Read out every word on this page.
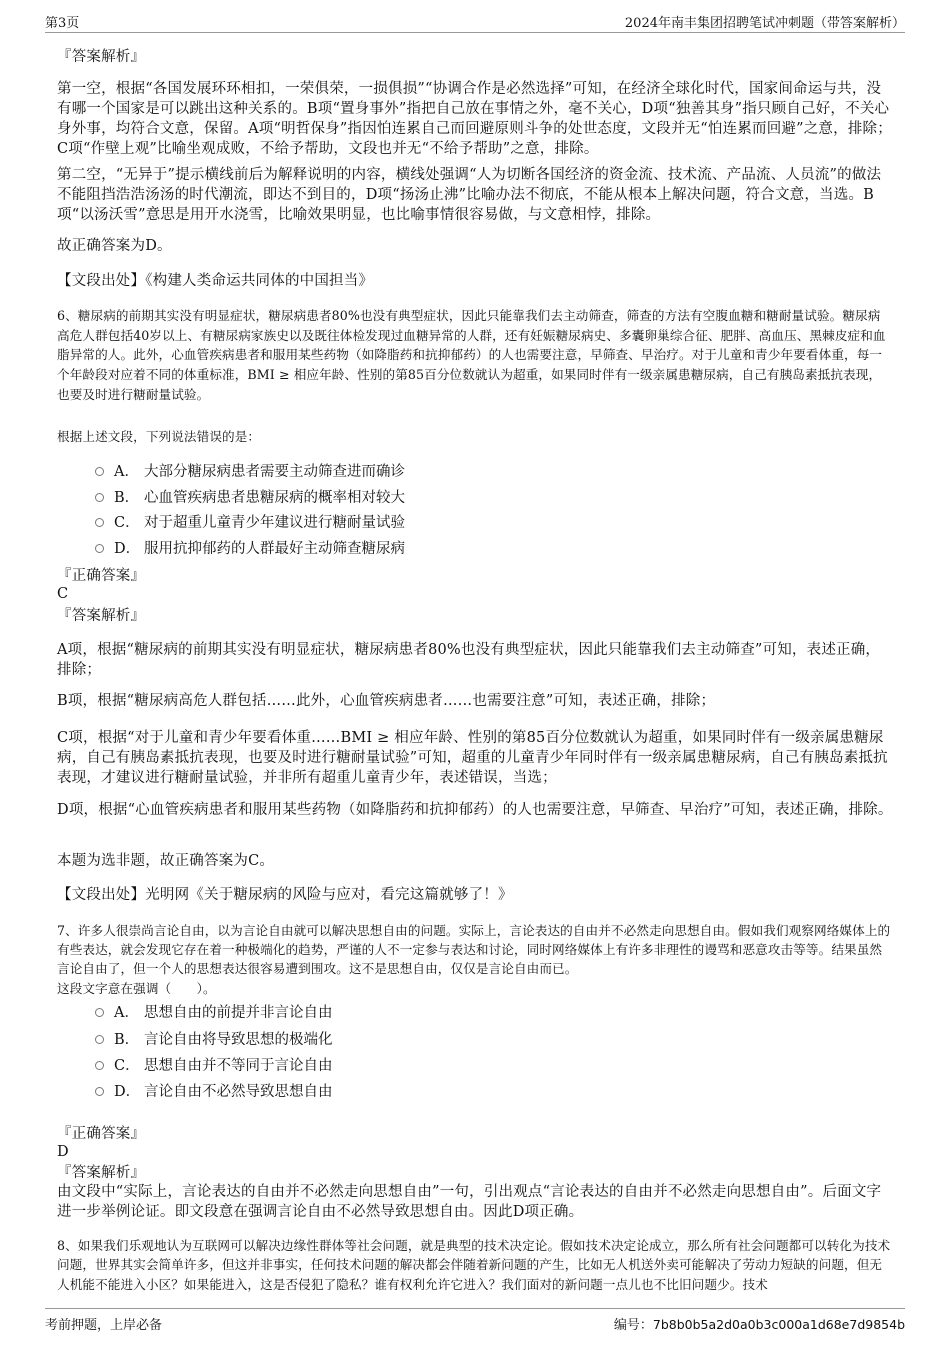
第3页	2024年南丰集团招聘笔试冲刺题（带答案解析）

『答案解析』

第一空，根据“各国发展环环相扣，一荣俱荣，一损俱损”“协调合作是必然选择”可知，在经济全球化时代，国家间命运与共，没有哪一个国家是可以跳出这种关系的。B项“置身事外”指把自己放在事情之外，毫不关心，D项“独善其身”指只顾自己好，不关心身外事，均符合文意，保留。A项“明哲保身”指因怕连累自己而回避原则斗争的处世态度，文段并无“怕连累而回避”之意，排除；C项“作壁上观”比喻坐观成败，不给予帮助，文段也并无“不给予帮助”之意，排除。

第二空，“无异于”提示横线前后为解释说明的内容，横线处强调“人为切断各国经济的资金流、技术流、产品流、人员流”的做法不能阻挡浩浩汤汤的时代潮流，即达不到目的，D项“扬汤止沸”比喻办法不彻底，不能从根本上解决问题，符合文意，当选。B项“以汤沃雪”意思是用开水浇雪，比喻效果明显，也比喻事情很容易做，与文意相悖，排除。

故正确答案为D。

【文段出处】《构建人类命运共同体的中国担当》

6、糖尿病的前期其实没有明显症状，糖尿病患者80%也没有典型症状，因此只能靠我们去主动筛查，筛查的方法有空腹血糖和糖耐量试验。糖尿病高危人群包括40岁以上、有糖尿病家族史以及既往体检发现过血糖异常的人群，还有妊娠糖尿病史、多囊卵巢综合征、肥胖、高血压、黑棘皮症和血脂异常的人。此外，心血管疾病患者和服用某些药物（如降脂药和抗抑郁药）的人也需要注意，早筛查、早治疗。对于儿童和青少年要看体重，每一个年龄段对应着不同的体重标准，BMI ≥ 相应年龄、性别的第85百分位数就认为超重，如果同时伴有一级亲属患糖尿病，自己有胰岛素抵抗表现，也要及时进行糖耐量试验。

根据上述文段，下列说法错误的是：

A． 大部分糖尿病患者需要主动筛查进而确诊
B． 心血管疾病患者患糖尿病的概率相对较大
C． 对于超重儿童青少年建议进行糖耐量试验
D． 服用抗抑郁药的人群最好主动筛查糖尿病

『正确答案』

C

『答案解析』

A项，根据“糖尿病的前期其实没有明显症状，糖尿病患者80%也没有典型症状，因此只能靠我们去主动筛查”可知，表述正确，排除；

B项，根据“糖尿病高危人群包括……此外，心血管疾病患者……也需要注意”可知，表述正确，排除；

C项，根据“对于儿童和青少年要看体重……BMI ≥ 相应年龄、性别的第85百分位数就认为超重，如果同时伴有一级亲属患糖尿病，自己有胰岛素抵抗表现，也要及时进行糖耐量试验”可知，超重的儿童青少年同时伴有一级亲属患糖尿病，自己有胰岛素抵抗表现，才建议进行糖耐量试验，并非所有超重儿童青少年，表述错误，当选；

D项，根据“心血管疾病患者和服用某些药物（如降脂药和抗抑郁药）的人也需要注意，早筛查、早治疗”可知，表述正确，排除。

本题为选非题，故正确答案为C。

【文段出处】光明网《关于糖尿病的风险与应对，看完这篇就够了！》

7、许多人很崇尚言论自由，以为言论自由就可以解决思想自由的问题。实际上，言论表达的自由并不必然走向思想自由。假如我们观察网络媒体上的有些表达，就会发现它存在着一种极端化的趋势，严谨的人不一定参与表达和讨论，同时网络媒体上有许多非理性的谩骂和恶意攻击等等。结果虽然言论自由了，但一个人的思想表达很容易遭到围攻。这不是思想自由，仅仅是言论自由而已。

这段文字意在强调（　　）。

A． 思想自由的前提并非言论自由
B． 言论自由将导致思想的极端化
C． 思想自由并不等同于言论自由
D． 言论自由不必然导致思想自由

『正确答案』

D

『答案解析』

由文段中“实际上，言论表达的自由并不必然走向思想自由”一句，引出观点“言论表达的自由并不必然走向思想自由”。后面文字进一步举例论证。即文段意在强调言论自由不必然导致思想自由。因此D项正确。

8、如果我们乐观地认为互联网可以解决边缘性群体等社会问题，就是典型的技术决定论。假如技术决定论成立，那么所有社会问题都可以转化为技术问题，世界其实会简单许多，但这并非事实，任何技术问题的解决都会伴随着新问题的产生，比如无人机送外卖可能解决了劳动力短缺的问题，但无人机能不能进入小区？如果能进入，这是否侵犯了隐私？谁有权利允许它进入？我们面对的新问题一点儿也不比旧问题少。技术

考前押题，上岸必备	编号：7b8b0b5a2d0a0b3c000a1d68e7d9854b
